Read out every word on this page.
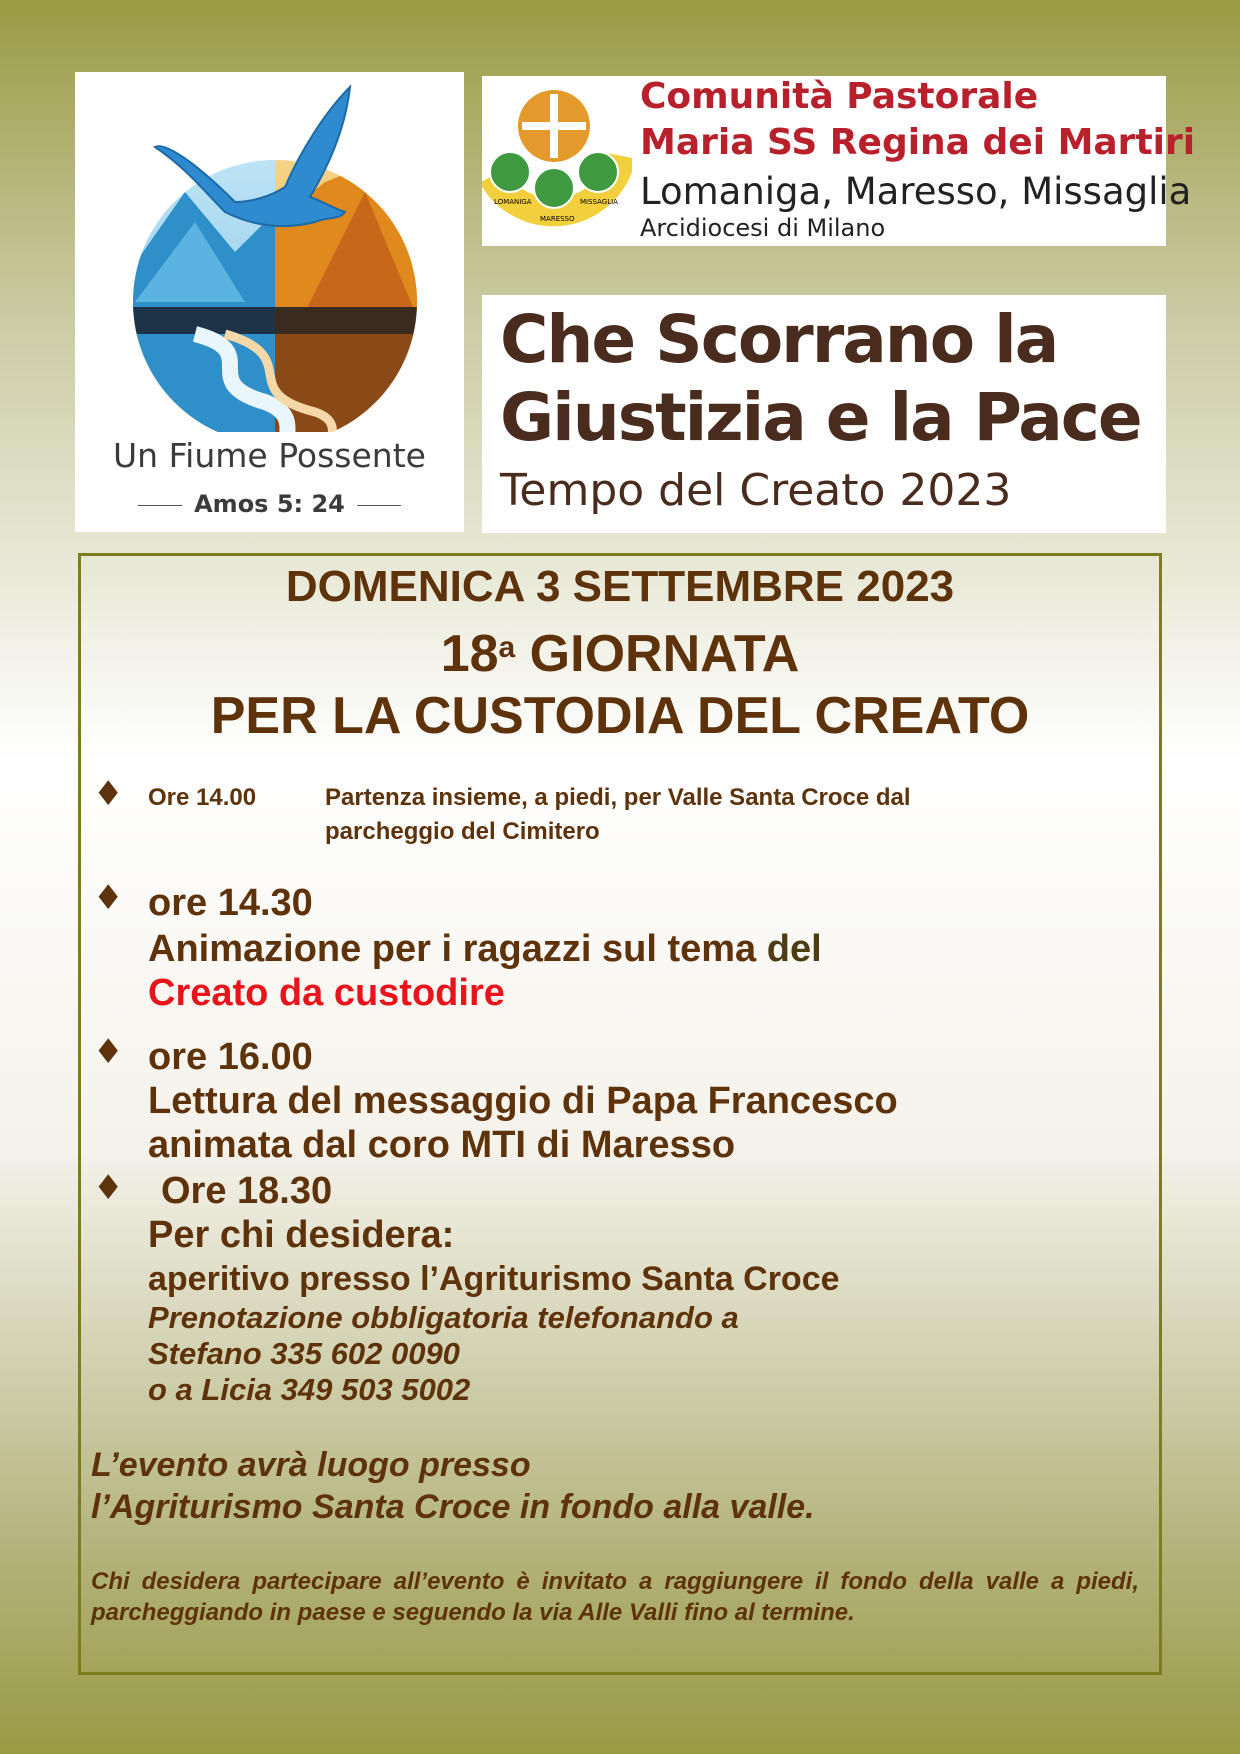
Un Fiume Possente
Amos 5: 24
LOMANIGA
MARESSO
MISSAGLIA
Comunità Pastorale
Maria SS Regina dei Martiri
Lomaniga, Maresso, Missaglia
Arcidiocesi di Milano
Che Scorrano la
Giustizia e la Pace
Tempo del Creato 2023
DOMENICA 3 SETTEMBRE 2023
18$^a$ GIORNATA
PER LA CUSTODIA DEL CREATO
♦ Ore 14.00	Partenza insieme, a piedi, per Valle Santa Croce dal
parcheggio del Cimitero
♦ ore 14.30
Animazione per i ragazzi sul tema del
Creato da custodire
♦ ore 16.00
Lettura del messaggio di Papa Francesco
animata dal coro MTI di Maresso
♦ Ore 18.30
Per chi desidera:
aperitivo presso l’Agriturismo Santa Croce
Prenotazione obbligatoria telefonando a
Stefano 335 602 0090
o a Licia 349 503 5002
L’evento avrà luogo presso
l’Agriturismo Santa Croce in fondo alla valle.
Chi desidera partecipare all’evento è invitato a raggiungere il fondo della valle a piedi, parcheggiando in paese e seguendo la via Alle Valli fino al termine.
